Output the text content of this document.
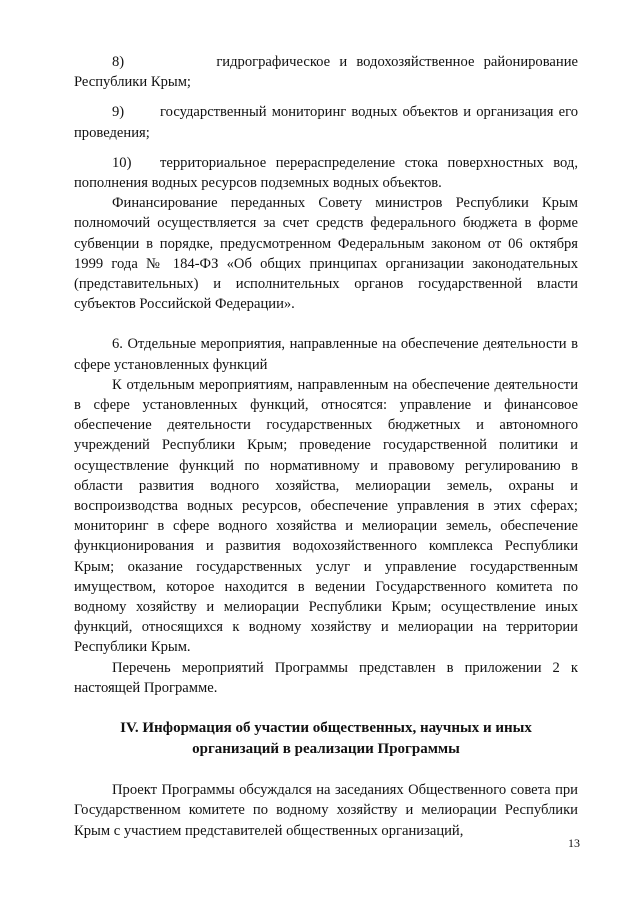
8)          гидрографическое и водохозяйственное районирование Республики Крым;

9)       государственный мониторинг водных объектов и организация его проведения;

10)   территориальное перераспределение стока поверхностных вод, пополнения водных ресурсов подземных водных объектов.

Финансирование переданных Совету министров Республики Крым полномочий осуществляется за счет средств федерального бюджета в форме субвенции в порядке, предусмотренном Федеральным законом от 06 октября 1999 года № 184-ФЗ «Об общих принципах организации законодательных (представительных) и исполнительных органов государственной власти субъектов Российской Федерации».

6. Отдельные мероприятия, направленные на обеспечение деятельности в сфере установленных функций

К отдельным мероприятиям, направленным на обеспечение деятельности в сфере установленных функций, относятся: управление и финансовое обеспечение деятельности государственных бюджетных и автономного учреждений Республики Крым; проведение государственной политики и осуществление функций по нормативному и правовому регулированию в области развития водного хозяйства, мелиорации земель, охраны и воспроизводства водных ресурсов, обеспечение управления в этих сферах; мониторинг в сфере водного хозяйства и мелиорации земель, обеспечение функционирования и развития водохозяйственного комплекса Республики Крым; оказание государственных услуг и управление государственным имуществом, которое находится в ведении Государственного комитета по водному хозяйству и мелиорации Республики Крым; осуществление иных функций, относящихся к водному хозяйству и мелиорации на территории Республики Крым.

Перечень мероприятий Программы представлен в приложении 2 к настоящей Программе.

IV. Информация об участии общественных, научных и иных организаций в реализации Программы

Проект Программы обсуждался на заседаниях Общественного совета при Государственном комитете по водному хозяйству и мелиорации Республики Крым с участием представителей общественных организаций,

13
